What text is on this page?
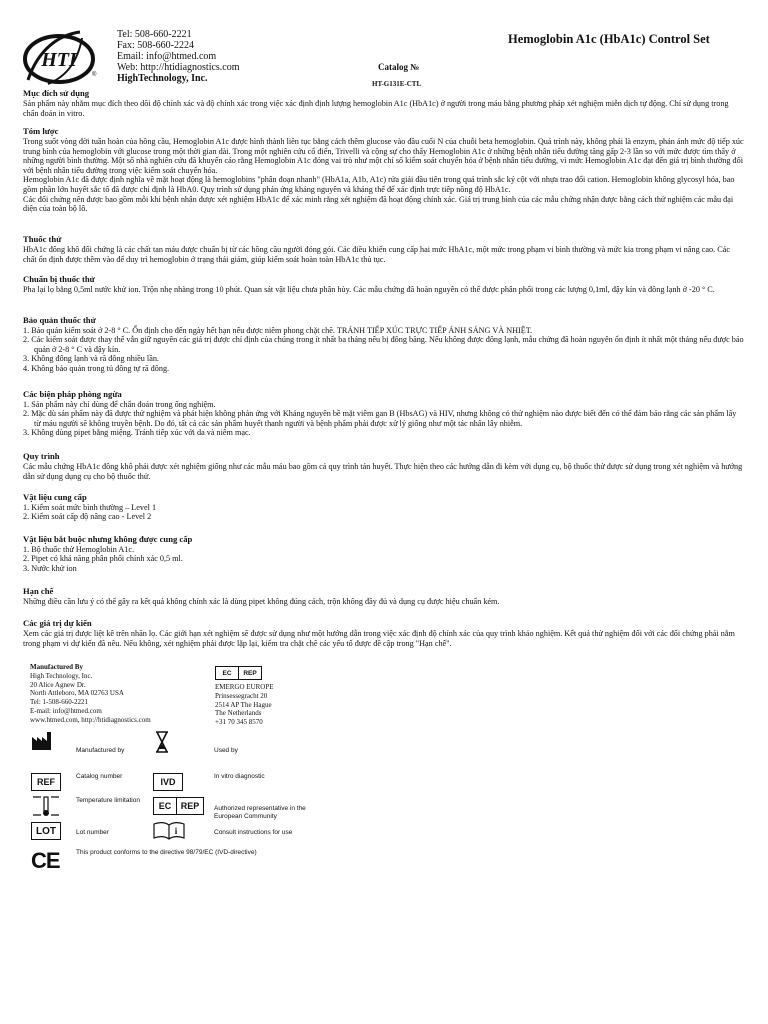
HTI
®
Tel: 508-660-2221
Fax: 508-660-2224
Email: info@htmed.com
Web: http://htidiagnostics.com
HighTechnology, Inc.
Hemoglobin A1c (HbA1c) Control Set
Catalog №
HT-G131E-CTL
Mục đích sử dụng

Sản phẩm này nhằm mục đích theo dõi độ chính xác và độ chính xác trong việc xác định định lượng hemoglobin A1c (HbA1c) ở người trong máu bằng phương pháp xét nghiệm miễn dịch tự động. Chỉ sử dụng trong chẩn đoán in vitro.

Tóm lược

Trong suốt vòng đời tuần hoàn của hồng cầu, Hemoglobin A1c được hình thành liên tục bằng cách thêm glucose vào đầu cuối N của chuỗi beta hemoglobin. Quá trình này, không phải là enzym, phản ánh mức độ tiếp xúc trung bình của hemoglobin với glucose trong một thời gian dài. Trong một nghiên cứu cổ điển, Trivelli và cộng sự cho thấy Hemoglobin A1c ở những bệnh nhân tiểu đường tăng gấp 2-3 lần so với mức được tìm thấy ở những người bình thường. Một số nhà nghiên cứu đã khuyến cáo rằng Hemoglobin A1c đóng vai trò như một chỉ số kiểm soát chuyển hóa ở bệnh nhân tiểu đường, vì mức Hemoglobin A1c đạt đến giá trị bình thường đối với bệnh nhân tiểu đường trong việc kiểm soát chuyển hóa.

Hemoglobin A1c đã được định nghĩa về mặt hoạt động là hemoglobins "phân đoạn nhanh" (HbA1a, A1b, A1c) rửa giải đầu tiên trong quá trình sắc ký cột với nhựa trao đổi cation. Hemoglobin không glycosyl hóa, bao gồm phần lớn huyết sắc tố đã được chỉ định là HbA0. Quy trình sử dụng phản ứng kháng nguyên và kháng thể để xác định trực tiếp nồng độ HbA1c.

Các đối chứng nên được bao gồm mỗi khi bệnh nhân được xét nghiệm HbA1c để xác minh rằng xét nghiệm đã hoạt động chính xác. Giá trị trung bình của các mẫu chứng nhận được bằng cách thử nghiệm các mẫu đại diện của toàn bộ lô.

Thuốc thử

HbA1c đông khô đối chứng là các chất tan máu được chuẩn bị từ các hồng cầu người đóng gói. Các điều khiển cung cấp hai mức HbA1c, một mức trong phạm vi bình thường và mức kia trong phạm vi nâng cao. Các chất ổn định được thêm vào để duy trì hemoglobin ở trạng thái giảm, giúp kiểm soát hoàn toàn HbA1c thủ tục.

Chuẩn bị thuốc thử

Pha lại lọ bằng 0,5ml nước khử ion. Trộn nhẹ nhàng trong 10 phút. Quan sát vật liệu chưa phân hủy. Các mẫu chứng đã hoàn nguyên có thể được phân phối trong các lượng 0,1ml, đậy kín và đông lạnh ở -20 ° C.

Bảo quản thuốc thử
1. Bảo quản kiểm soát ở 2-8 ° C. Ổn định cho đến ngày hết hạn nếu được niêm phong chặt chẽ. TRÁNH TIẾP XÚC TRỰC TIẾP ÁNH SÁNG VÀ NHIỆT.
2. Các kiểm soát được thay thế vẫn giữ nguyên các giá trị được chỉ định của chúng trong ít nhất ba tháng nếu bị đông băng. Nếu không được đông lạnh, mẫu chứng đã hoàn nguyên ổn định ít nhất một tháng nếu được bảo quản ở 2-8 ° C và đậy kín.
3. Không đông lạnh và rã đông nhiều lần.
4. Không bảo quản trong tủ đông tự rã đông.
Các biện pháp phòng ngừa
1. Sản phẩm này chỉ dùng để chẩn đoán trong ống nghiệm.
2. Mặc dù sản phẩm này đã được thử nghiệm và phát hiện không phản ứng với Kháng nguyên bề mặt viêm gan B (HbsAG) và HIV, nhưng không có thử nghiệm nào được biết đến có thể đảm bảo rằng các sản phẩm lấy từ máu người sẽ không truyền bệnh. Do đó, tất cả các sản phẩm huyết thanh người và bệnh phẩm phải được xử lý giống như một tác nhân lây nhiễm.
3. Không dùng pipet bằng miệng. Tránh tiếp xúc với da và niêm mạc.
Quy trình

Các mẫu chứng HbA1c đông khô phải được xét nghiệm giống như các mẫu máu bao gồm cả quy trình tán huyết. Thực hiện theo các hướng dẫn đi kèm với dụng cụ, bộ thuốc thử được sử dụng trong xét nghiệm và hướng dẫn sử dụng dụng cụ cho bộ thuốc thử.

Vật liệu cung cấp
1. Kiểm soát mức bình thường – Level 1
2. Kiểm soát cấp độ nâng cao - Level 2
Vật liệu bắt buộc nhưng không được cung cấp
1. Bộ thuốc thử Hemoglobin A1c.
2. Pipet có khả năng phân phối chính xác 0,5 ml.
3. Nước khử ion
Hạn chế

Những điều cần lưu ý có thể gây ra kết quả không chính xác là dùng pipet không đúng cách, trộn không đầy đủ và dụng cụ được hiệu chuẩn kém.

Các giá trị dự kiến

Xem các giá trị được liệt kê trên nhãn lọ. Các giới hạn xét nghiệm sẽ được sử dụng như một hướng dẫn trong việc xác định độ chính xác của quy trình khảo nghiệm. Kết quả thử nghiệm đối với các đối chứng phải nằm trong phạm vi dự kiến đã nêu. Nếu không, xét nghiệm phải được lặp lại, kiểm tra chặt chẽ các yếu tố được đề cập trong "Hạn chế".

Manufactured By
High Technology, Inc.
20 Alice Agnew Dr.
North Attleboro, MA 02763 USA
Tel: 1-508-660-2221
E-mail: info@htmed.com
www.htmed.com, http://htidiagnostics.com
EC	REP
EMERGO EUROPE
Prinsessegracht 20
2514 AP The Hague
The Netherlands
+31 70 345 8570
Manufactured by	Used by
REF
Catalog number
IVD
In vitro diagnostic
Temperature limitation
EC	REP	Authorized representative in the European Community
LOT	Lot number	i	Consult instructions for use
CE	This product conforms to the directive 98/79/EC (IVD-directive)
